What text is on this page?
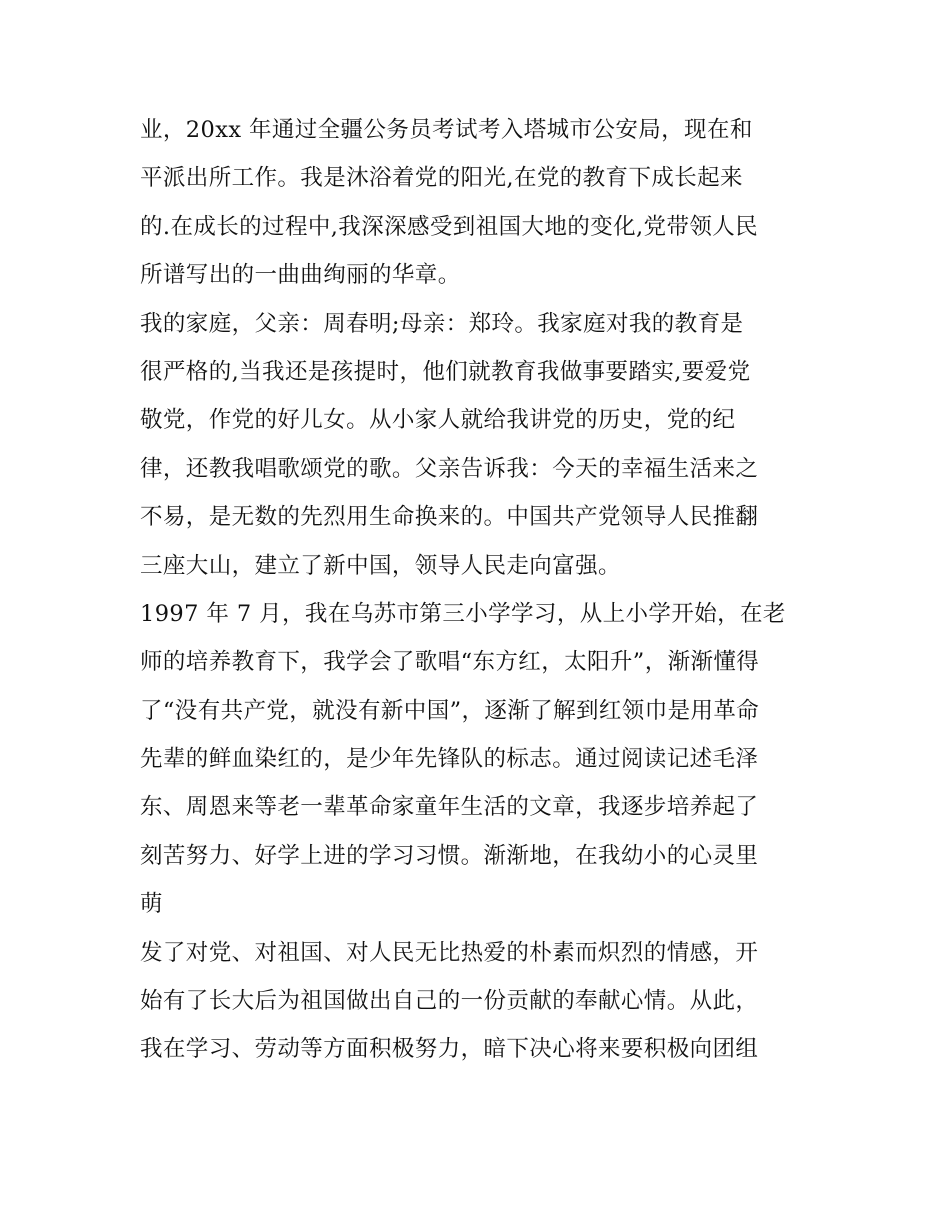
业，20xx 年通过全疆公务员考试考入塔城市公安局，现在和
平派出所工作。我是沐浴着党的阳光,在党的教育下成长起来
的.在成长的过程中,我深深感受到祖国大地的变化,党带领人民
所谱写出的一曲曲绚丽的华章。
我的家庭，父亲：周春明;母亲：郑玲。我家庭对我的教育是
很严格的,当我还是孩提时，他们就教育我做事要踏实,要爱党
敬党，作党的好儿女。从小家人就给我讲党的历史，党的纪
律，还教我唱歌颂党的歌。父亲告诉我：今天的幸福生活来之
不易，是无数的先烈用生命换来的。中国共产党领导人民推翻
三座大山，建立了新中国，领导人民走向富强。
1997 年 7 月，我在乌苏市第三小学学习，从上小学开始，在老
师的培养教育下，我学会了歌唱“东方红，太阳升”，渐渐懂得
了“没有共产党，就没有新中国”，逐渐了解到红领巾是用革命
先辈的鲜血染红的，是少年先锋队的标志。通过阅读记述毛泽
东、周恩来等老一辈革命家童年生活的文章，我逐步培养起了
刻苦努力、好学上进的学习习惯。渐渐地，在我幼小的心灵里
萌
发了对党、对祖国、对人民无比热爱的朴素而炽烈的情感，开
始有了长大后为祖国做出自己的一份贡献的奉献心情。从此，
我在学习、劳动等方面积极努力，暗下决心将来要积极向团组
